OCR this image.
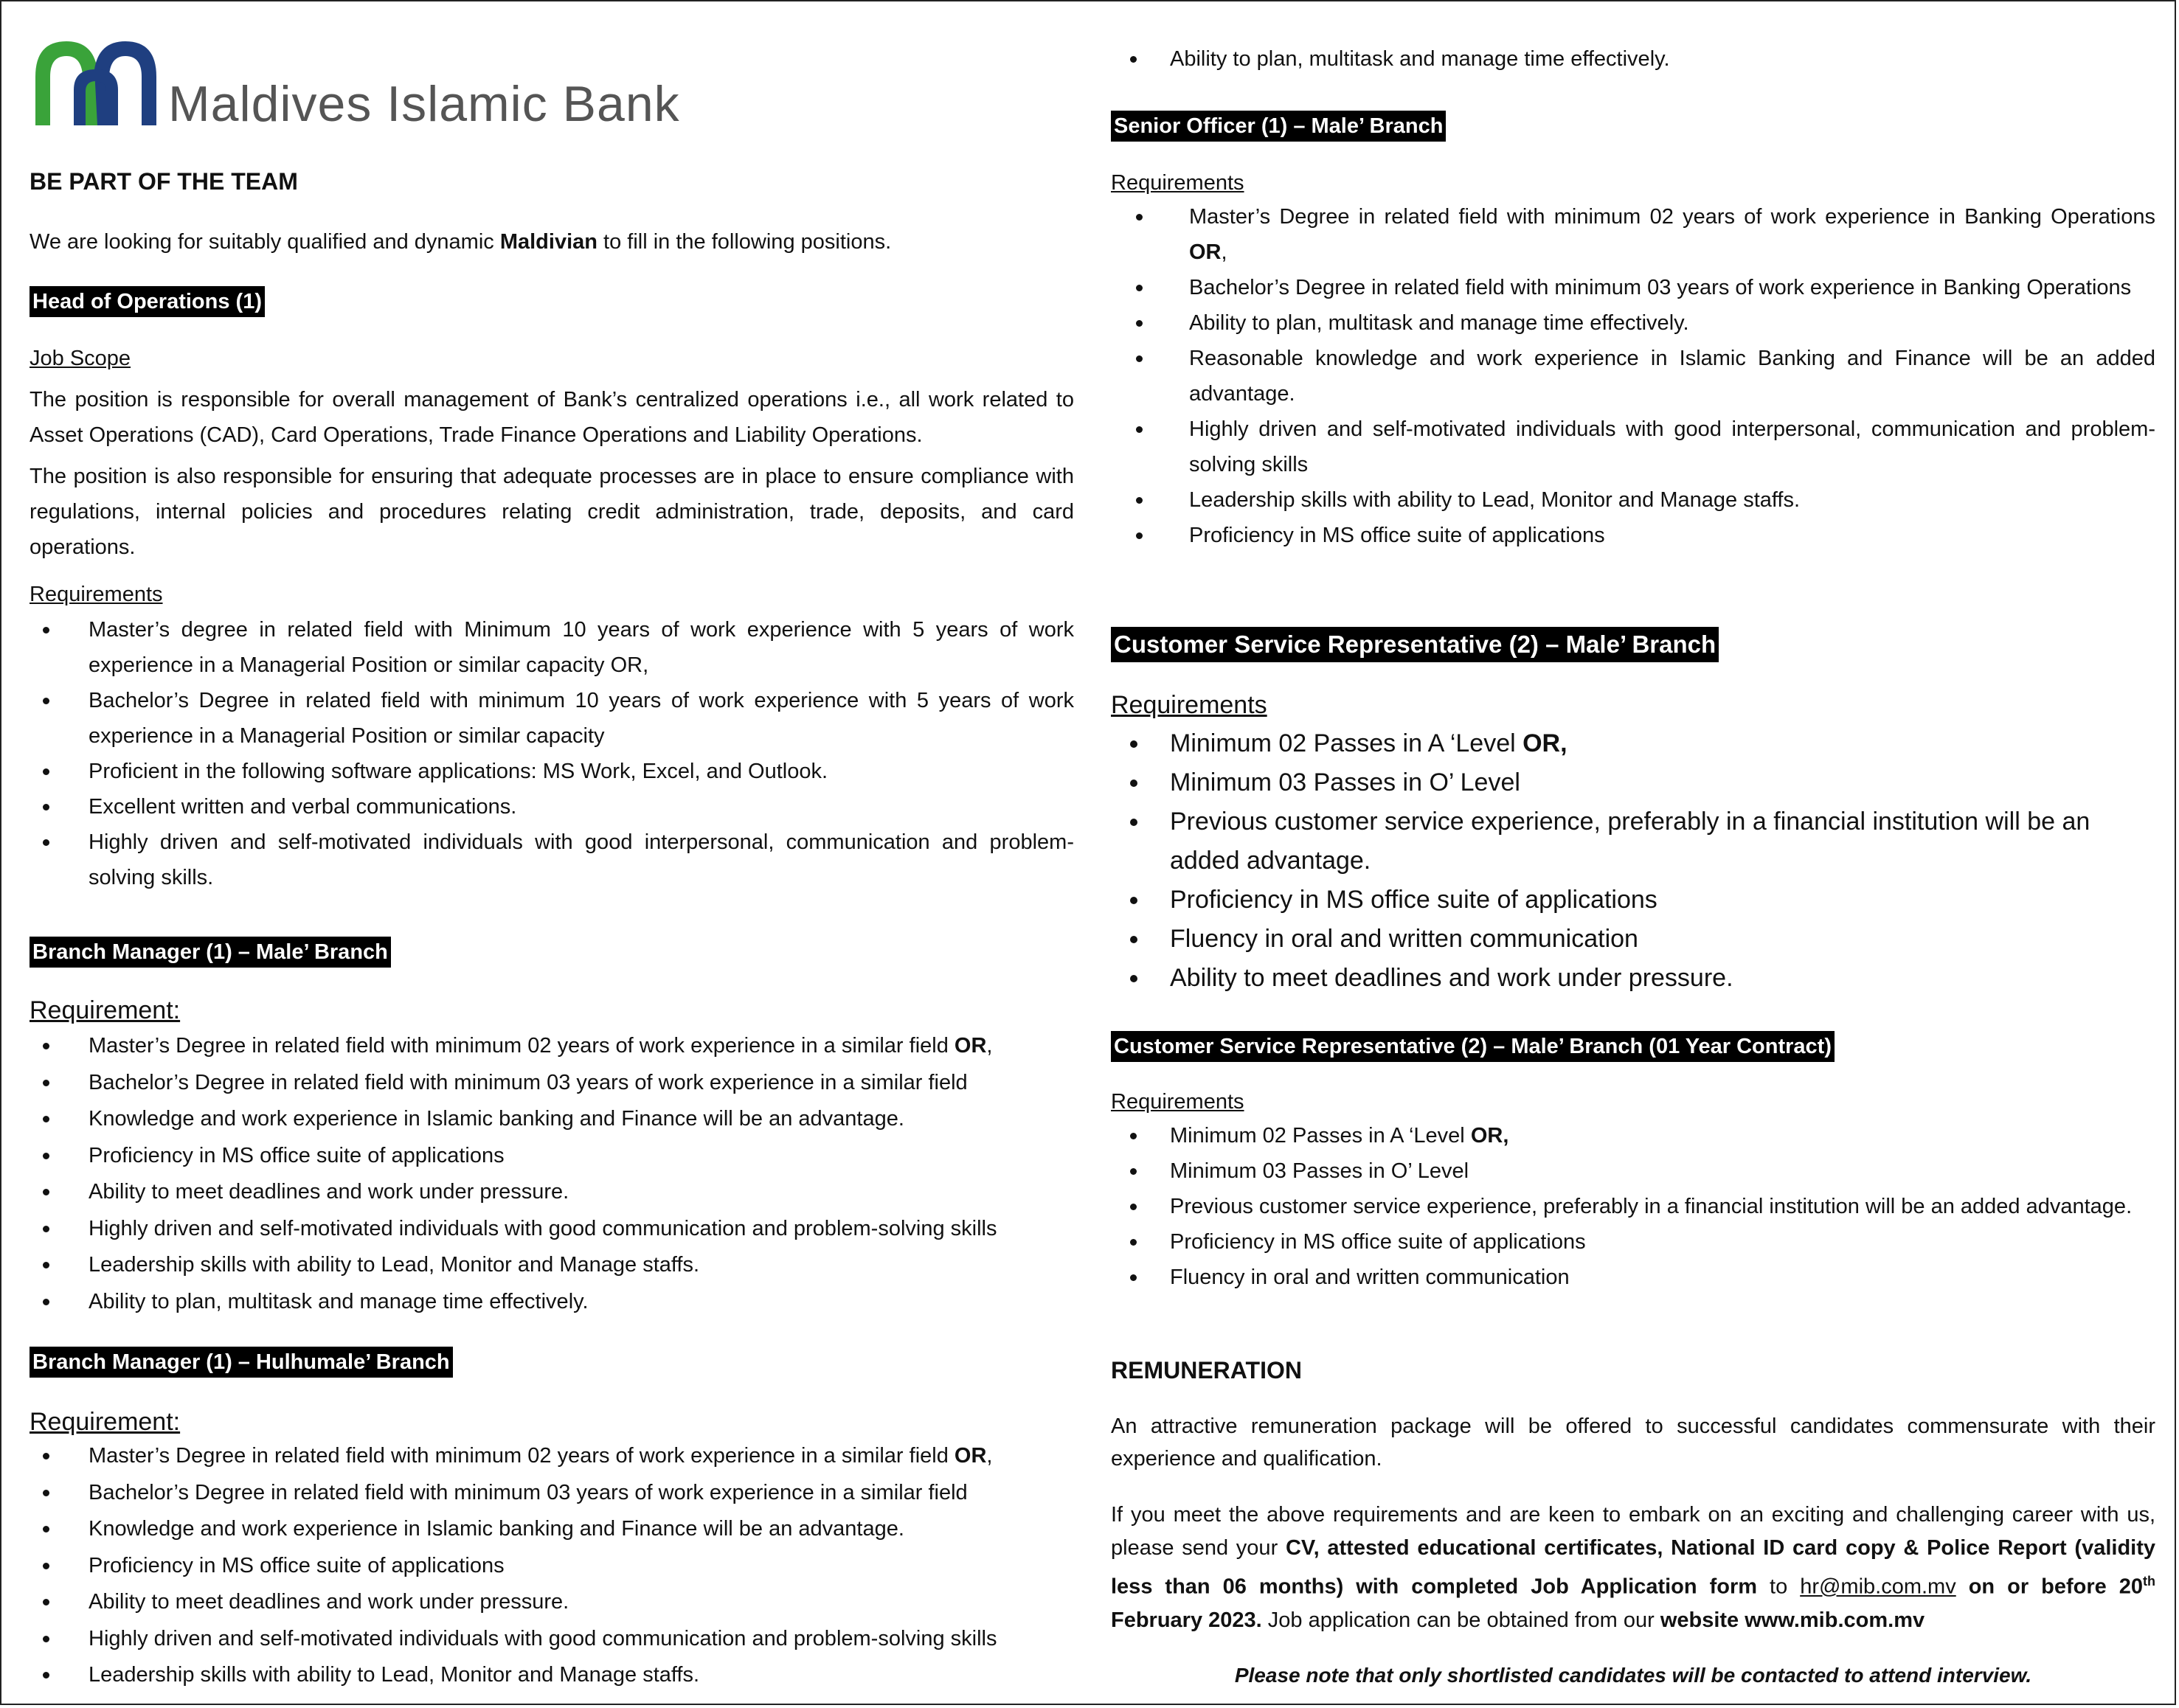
Maldives Islamic Bank
BE PART OF THE TEAM
We are looking for suitably qualified and dynamic Maldivian to fill in the following positions.
Head of Operations (1)
Job Scope
The position is responsible for overall management of Bank’s centralized operations i.e., all work related to Asset Operations (CAD), Card Operations, Trade Finance Operations and Liability Operations.
The position is also responsible for ensuring that adequate processes are in place to ensure compliance with regulations, internal policies and procedures relating credit administration, trade, deposits, and card operations.
Requirements
Master’s degree in related field with Minimum 10 years of work experience with 5 years of work experience in a Managerial Position or similar capacity OR,
Bachelor’s Degree in related field with minimum 10 years of work experience with 5 years of work experience in a Managerial Position or similar capacity
Proficient in the following software applications: MS Work, Excel, and Outlook.
Excellent written and verbal communications.
Highly driven and self-motivated individuals with good interpersonal, communication and problem-solving skills.
Branch Manager (1) – Male’ Branch
Requirement:
Master’s Degree in related field with minimum 02 years of work experience in a similar field OR,
Bachelor’s Degree in related field with minimum 03 years of work experience in a similar field
Knowledge and work experience in Islamic banking and Finance will be an advantage.
Proficiency in MS office suite of applications
Ability to meet deadlines and work under pressure.
Highly driven and self-motivated individuals with good communication and problem-solving skills
Leadership skills with ability to Lead, Monitor and Manage staffs.
Ability to plan, multitask and manage time effectively.
Branch Manager (1) – Hulhumale’ Branch
Requirement:
Master’s Degree in related field with minimum 02 years of work experience in a similar field OR,
Bachelor’s Degree in related field with minimum 03 years of work experience in a similar field
Knowledge and work experience in Islamic banking and Finance will be an advantage.
Proficiency in MS office suite of applications
Ability to meet deadlines and work under pressure.
Highly driven and self-motivated individuals with good communication and problem-solving skills
Leadership skills with ability to Lead, Monitor and Manage staffs.
Ability to plan, multitask and manage time effectively.
Senior Officer (1) – Male’ Branch
Requirements
Master’s Degree in related field with minimum 02 years of work experience in Banking Operations OR,
Bachelor’s Degree in related field with minimum 03 years of work experience in Banking Operations
Ability to plan, multitask and manage time effectively.
Reasonable knowledge and work experience in Islamic Banking and Finance will be an added advantage.
Highly driven and self-motivated individuals with good interpersonal, communication and problem-solving skills
Leadership skills with ability to Lead, Monitor and Manage staffs.
Proficiency in MS office suite of applications
Customer Service Representative (2) – Male’ Branch
Requirements
Minimum 02 Passes in A ‘Level OR,
Minimum 03 Passes in O’ Level
Previous customer service experience, preferably in a financial institution will be an added advantage.
Proficiency in MS office suite of applications
Fluency in oral and written communication
Ability to meet deadlines and work under pressure.
Customer Service Representative (2) – Male’ Branch (01 Year Contract)
Requirements
Minimum 02 Passes in A ‘Level OR,
Minimum 03 Passes in O’ Level
Previous customer service experience, preferably in a financial institution will be an added advantage.
Proficiency in MS office suite of applications
Fluency in oral and written communication
REMUNERATION
An attractive remuneration package will be offered to successful candidates commensurate with their experience and qualification.
If you meet the above requirements and are keen to embark on an exciting and challenging career with us, please send your CV, attested educational certificates, National ID card copy & Police Report (validity less than 06 months) with completed Job Application form to hr@mib.com.mv on or before 20th February 2023. Job application can be obtained from our website www.mib.com.mv
Please note that only shortlisted candidates will be contacted to attend interview.
